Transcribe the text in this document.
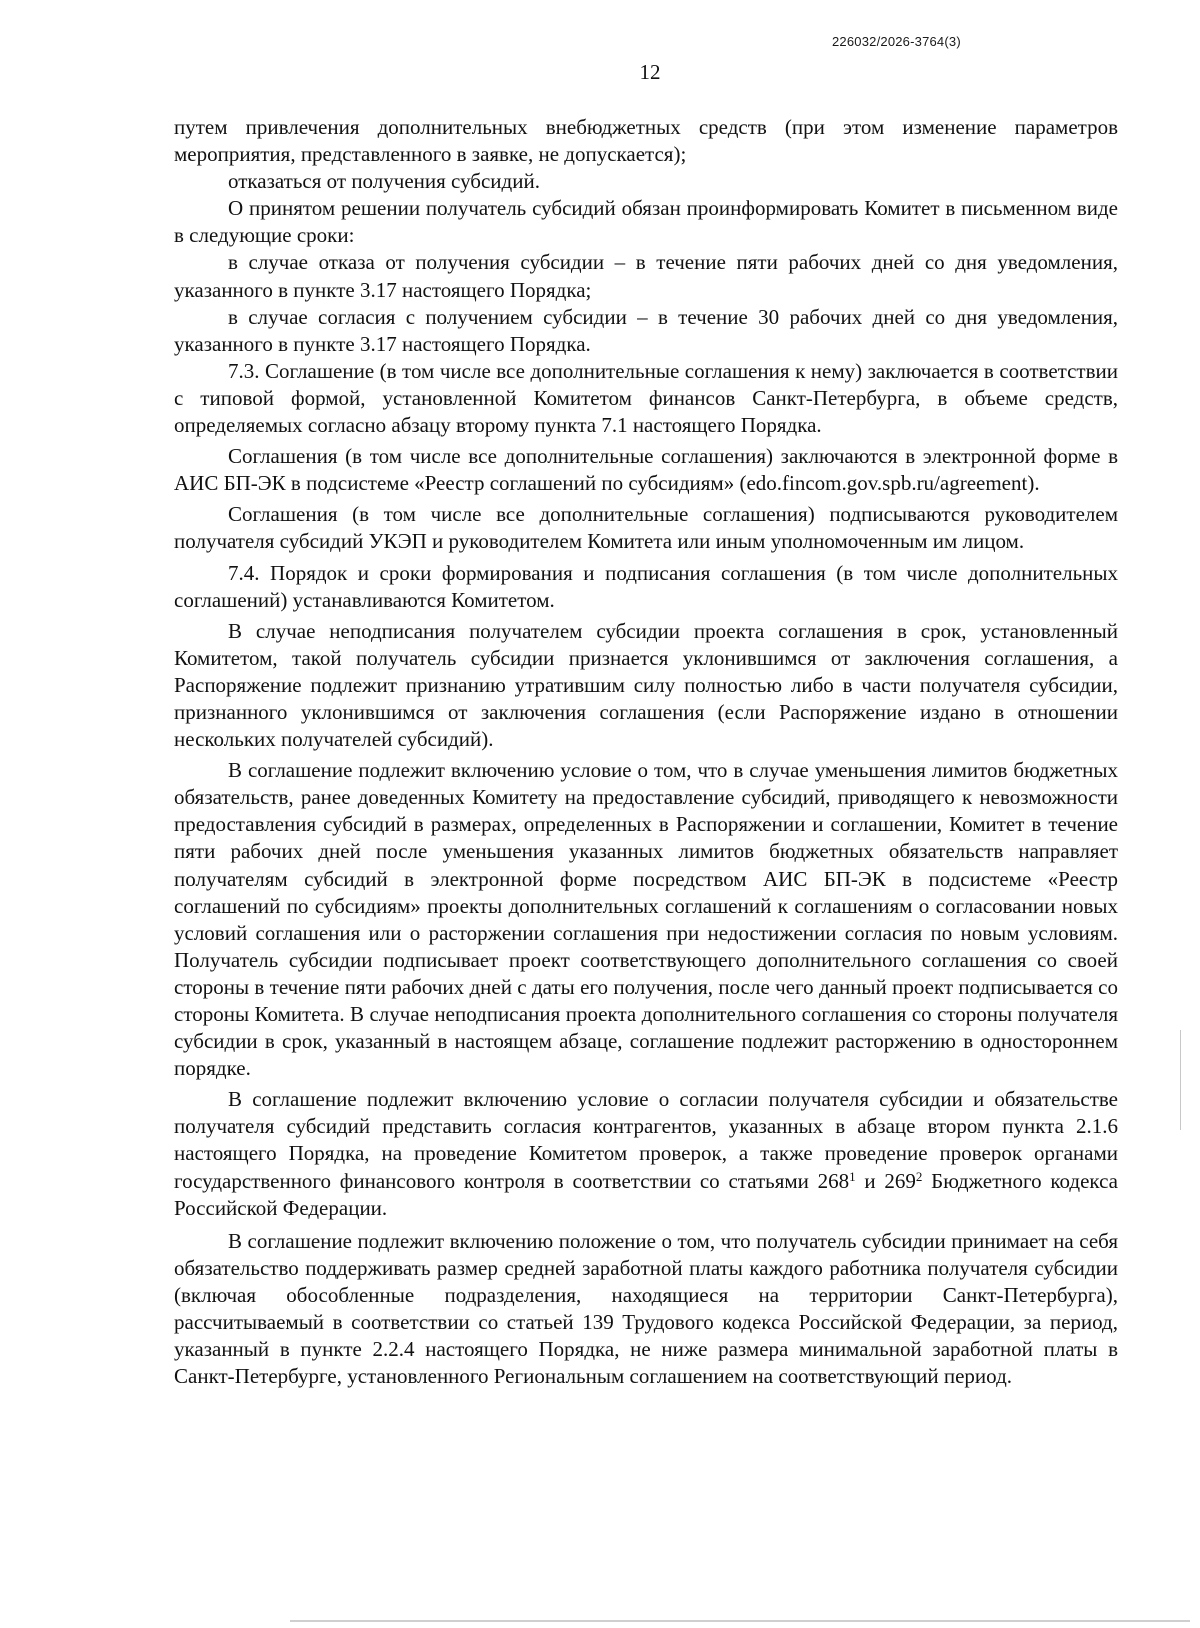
226032/2026-3764(3)
12

путем привлечения дополнительных внебюджетных средств (при этом изменение параметров мероприятия, представленного в заявке, не допускается);

отказаться от получения субсидий.

О принятом решении получатель субсидий обязан проинформировать Комитет в письменном виде в следующие сроки:

в случае отказа от получения субсидии – в течение пяти рабочих дней со дня уведомления, указанного в пункте 3.17 настоящего Порядка;

в случае согласия с получением субсидии – в течение 30 рабочих дней со дня уведомления, указанного в пункте 3.17 настоящего Порядка.

7.3. Соглашение (в том числе все дополнительные соглашения к нему) заключается в соответствии с типовой формой, установленной Комитетом финансов Санкт-Петербурга, в объеме средств, определяемых согласно абзацу второму пункта 7.1 настоящего Порядка.

Соглашения (в том числе все дополнительные соглашения) заключаются в электронной форме в АИС БП-ЭК в подсистеме «Реестр соглашений по субсидиям» (edo.fincom.gov.spb.ru/agreement).

Соглашения (в том числе все дополнительные соглашения) подписываются руководителем получателя субсидий УКЭП и руководителем Комитета или иным уполномоченным им лицом.

7.4. Порядок и сроки формирования и подписания соглашения (в том числе дополнительных соглашений) устанавливаются Комитетом.

В случае неподписания получателем субсидии проекта соглашения в срок, установленный Комитетом, такой получатель субсидии признается уклонившимся от заключения соглашения, а Распоряжение подлежит признанию утратившим силу полностью либо в части получателя субсидии, признанного уклонившимся от заключения соглашения (если Распоряжение издано в отношении нескольких получателей субсидий).

В соглашение подлежит включению условие о том, что в случае уменьшения лимитов бюджетных обязательств, ранее доведенных Комитету на предоставление субсидий, приводящего к невозможности предоставления субсидий в размерах, определенных в Распоряжении и соглашении, Комитет в течение пяти рабочих дней после уменьшения указанных лимитов бюджетных обязательств направляет получателям субсидий в электронной форме посредством АИС БП-ЭК в подсистеме «Реестр соглашений по субсидиям» проекты дополнительных соглашений к соглашениям о согласовании новых условий соглашения или о расторжении соглашения при недостижении согласия по новым условиям. Получатель субсидии подписывает проект соответствующего дополнительного соглашения со своей стороны в течение пяти рабочих дней с даты его получения, после чего данный проект подписывается со стороны Комитета. В случае неподписания проекта дополнительного соглашения со стороны получателя субсидии в срок, указанный в настоящем абзаце, соглашение подлежит расторжению в одностороннем порядке.

В соглашение подлежит включению условие о согласии получателя субсидии и обязательстве получателя субсидий представить согласия контрагентов, указанных в абзаце втором пункта 2.1.6 настоящего Порядка, на проведение Комитетом проверок, а также проведение проверок органами государственного финансового контроля в соответствии со статьями $268^1$ и $269^2$ Бюджетного кодекса Российской Федерации.

В соглашение подлежит включению положение о том, что получатель субсидии принимает на себя обязательство поддерживать размер средней заработной платы каждого работника получателя субсидии (включая обособленные подразделения, находящиеся на территории Санкт-Петербурга), рассчитываемый в соответствии со статьей 139 Трудового кодекса Российской Федерации, за период, указанный в пункте 2.2.4 настоящего Порядка, не ниже размера минимальной заработной платы в Санкт-Петербурге, установленного Региональным соглашением на соответствующий период.
